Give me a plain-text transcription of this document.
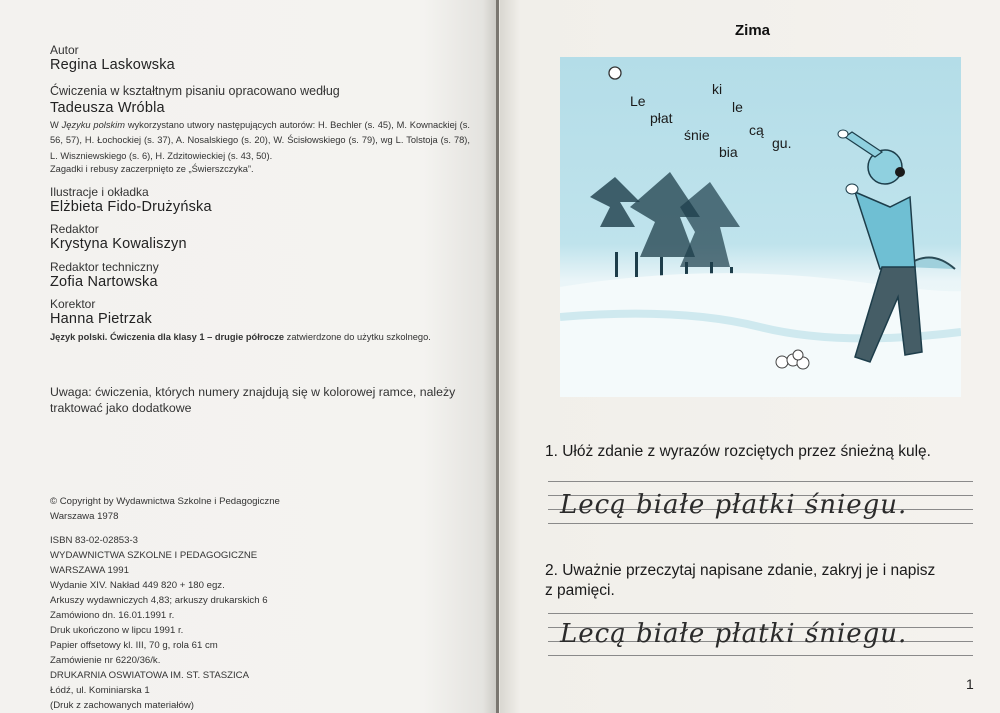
Autor
Regina Laskowska
Ćwiczenia w kształtnym pisaniu opracowano według
Tadeusza Wróbla
W Języku polskim wykorzystano utwory następujących autorów: H. Bechler (s. 45), M. Kownackiej (s. 56, 57), H. Łochockiej (s. 37), A. Nosalskiego (s. 20), W. Ścisłowskiego (s. 79), wg L. Tolstoja (s. 78), L. Wiszniewskiego (s. 6), H. Zdzitowieckiej (s. 43, 50).
Zagadki i rebusy zaczerpnięto ze „Świerszczyka”.
Ilustracje i okładka
Elżbieta Fido-Drużyńska
Redaktor
Krystyna Kowaliszyn
Redaktor techniczny
Zofia Nartowska
Korektor
Hanna Pietrzak
Język polski. Ćwiczenia dla klasy 1 – drugie półrocze zatwierdzone do użytku szkolnego.
Uwaga: ćwiczenia, których numery znajdują się w kolorowej ramce, należy traktować jako dodatkowe
© Copyright by Wydawnictwa Szkolne i Pedagogiczne
Warszawa 1978
ISBN 83-02-02853-3
WYDAWNICTWA SZKOLNE I PEDAGOGICZNE
WARSZAWA 1991
Wydanie XIV. Nakład 449 820 + 180 egz.
Arkuszy wydawniczych 4,83; arkuszy drukarskich 6
Zamówiono dn. 16.01.1991 r.
Druk ukończono w lipcu 1991 r.
Papier offsetowy kl. III, 70 g, rola 61 cm
Zamówienie nr 6220/36/k.
DRUKARNIA OSWIATOWA IM. ST. STASZICA
Łódź, ul. Kominiarska 1
(Druk z zachowanych materiałów)
Zima
Le
płat
ki
śnie
le
bia
cą
gu.
1. Ułóż zdanie z wyrazów rozciętych przez śnieżną kulę.
Lecą białe płatki śniegu.
2. Uważnie przeczytaj napisane zdanie, zakryj je i napisz
z pamięci.
Lecą białe płatki śniegu.
1
